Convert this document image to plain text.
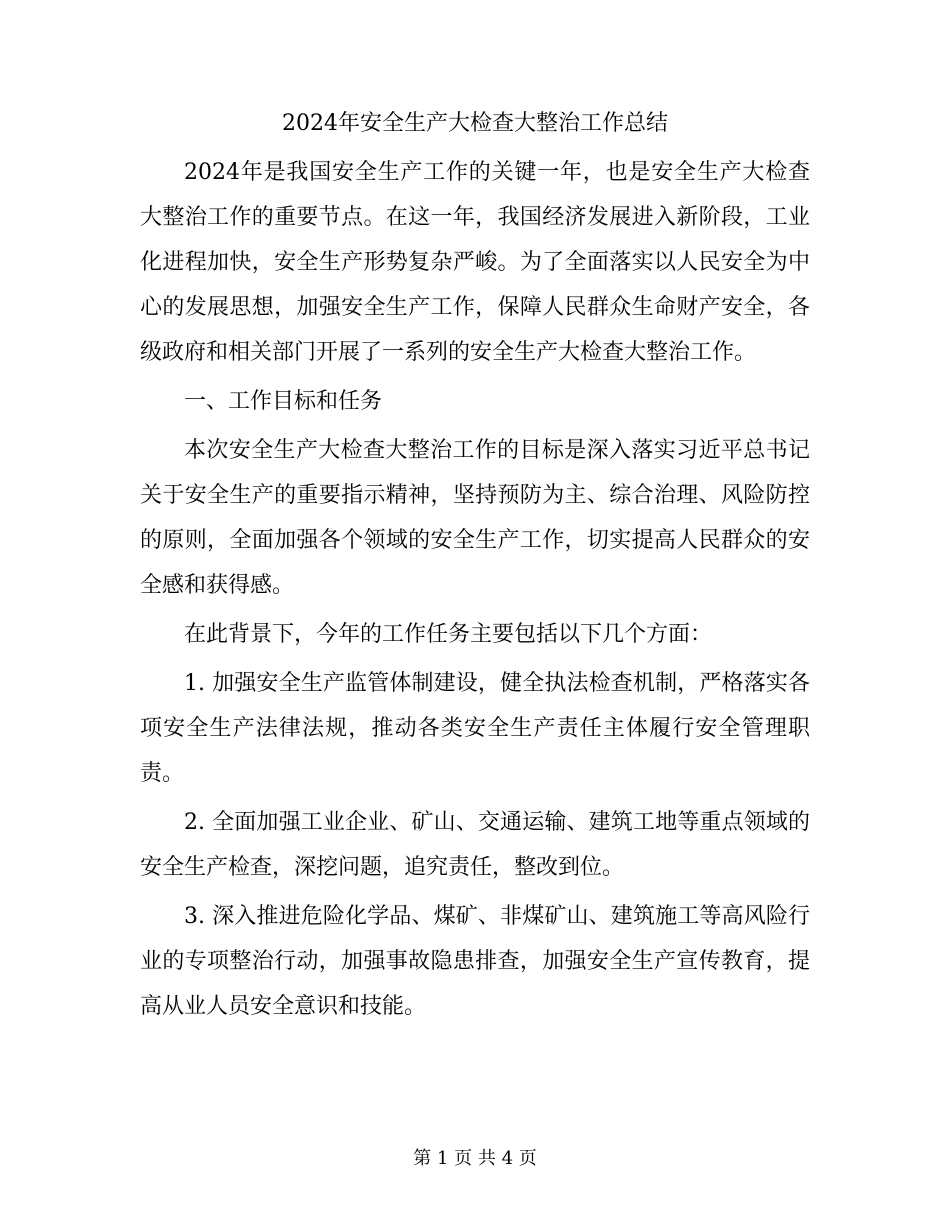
2024年安全生产大检查大整治工作总结

2024年是我国安全生产工作的关键一年，也是安全生产大检查大整治工作的重要节点。在这一年，我国经济发展进入新阶段，工业化进程加快，安全生产形势复杂严峻。为了全面落实以人民安全为中心的发展思想，加强安全生产工作，保障人民群众生命财产安全，各级政府和相关部门开展了一系列的安全生产大检查大整治工作。

一、工作目标和任务

本次安全生产大检查大整治工作的目标是深入落实习近平总书记关于安全生产的重要指示精神，坚持预防为主、综合治理、风险防控的原则，全面加强各个领域的安全生产工作，切实提高人民群众的安全感和获得感。

在此背景下，今年的工作任务主要包括以下几个方面：

1. 加强安全生产监管体制建设，健全执法检查机制，严格落实各项安全生产法律法规，推动各类安全生产责任主体履行安全管理职责。

2. 全面加强工业企业、矿山、交通运输、建筑工地等重点领域的安全生产检查，深挖问题，追究责任，整改到位。

3. 深入推进危险化学品、煤矿、非煤矿山、建筑施工等高风险行业的专项整治行动，加强事故隐患排查，加强安全生产宣传教育，提高从业人员安全意识和技能。

第 1 页 共 4 页
